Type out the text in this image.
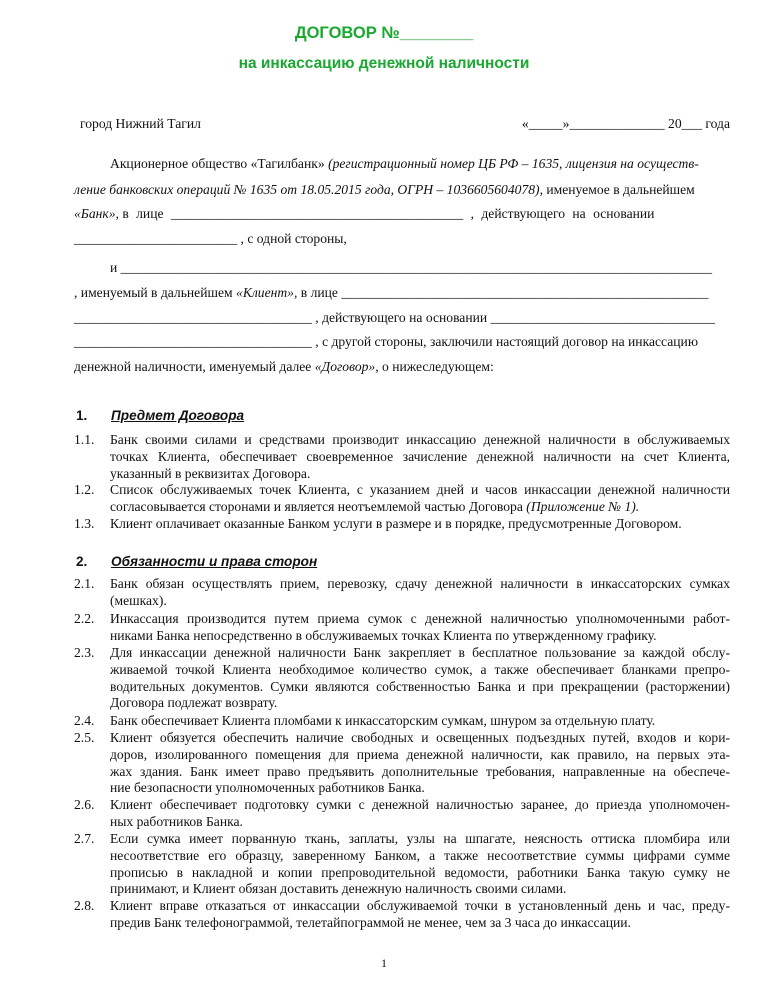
ДОГОВОР №________
на инкассацию денежной наличности
город Нижний Тагил	«_____»______________ 20___ года
Акционерное общество «Тагилбанк» (регистрационный номер ЦБ РФ – 1635, лицензия на осуществ-
ление банковских операций № 1635 от 18.05.2015 года, ОГРН – 1036605604078), именуемое в дальнейшем
«Банк», в лице ___________________________________________ , действующего на основании
________________________ , с одной стороны,
и _______________________________________________________________________________________
, именуемый в дальнейшем «Клиент», в лице ______________________________________________________
___________________________________ , действующего на основании _________________________________
___________________________________ , с другой стороны, заключили настоящий договор на инкассацию
денежной наличности, именуемый далее «Договор», о нижеследующем:
1. Предмет Договора
1.1. Банк своими силами и средствами производит инкассацию денежной наличности в обслуживаемых
точках Клиента, обеспечивает своевременное зачисление денежной наличности на счет Клиента,
указанный в реквизитах Договора.
1.2. Список обслуживаемых точек Клиента, с указанием дней и часов инкассации денежной наличности
согласовывается сторонами и является неотъемлемой частью Договора (Приложение № 1).
1.3. Клиент оплачивает оказанные Банком услуги в размере и в порядке, предусмотренные Договором.
2. Обязанности и права сторон
2.1. Банк обязан осуществлять прием, перевозку, сдачу денежной наличности в инкассаторских сумках
(мешках).
2.2. Инкассация производится путем приема сумок с денежной наличностью уполномоченными работ-
никами Банка непосредственно в обслуживаемых точках Клиента по утвержденному графику.
2.3. Для инкассации денежной наличности Банк закрепляет в бесплатное пользование за каждой обслу-
живаемой точкой Клиента необходимое количество сумок, а также обеспечивает бланками препро-
водительных документов. Сумки являются собственностью Банка и при прекращении (расторжении)
Договора подлежат возврату.
2.4. Банк обеспечивает Клиента пломбами к инкассаторским сумкам, шнуром за отдельную плату.
2.5. Клиент обязуется обеспечить наличие свободных и освещенных подъездных путей, входов и кори-
доров, изолированного помещения для приема денежной наличности, как правило, на первых эта-
жах здания. Банк имеет право предъявить дополнительные требования, направленные на обеспече-
ние безопасности уполномоченных работников Банка.
2.6. Клиент обеспечивает подготовку сумки с денежной наличностью заранее, до приезда уполномочен-
ных работников Банка.
2.7. Если сумка имеет порванную ткань, заплаты, узлы на шпагате, неясность оттиска пломбира или
несоответствие его образцу, заверенному Банком, а также несоответствие суммы цифрами сумме
прописью в накладной и копии препроводительной ведомости, работники Банка такую сумку не
принимают, и Клиент обязан доставить денежную наличность своими силами.
2.8. Клиент вправе отказаться от инкассации обслуживаемой точки в установленный день и час, преду-
предив Банк телефонограммой, телетайпограммой не менее, чем за 3 часа до инкассации.
1
